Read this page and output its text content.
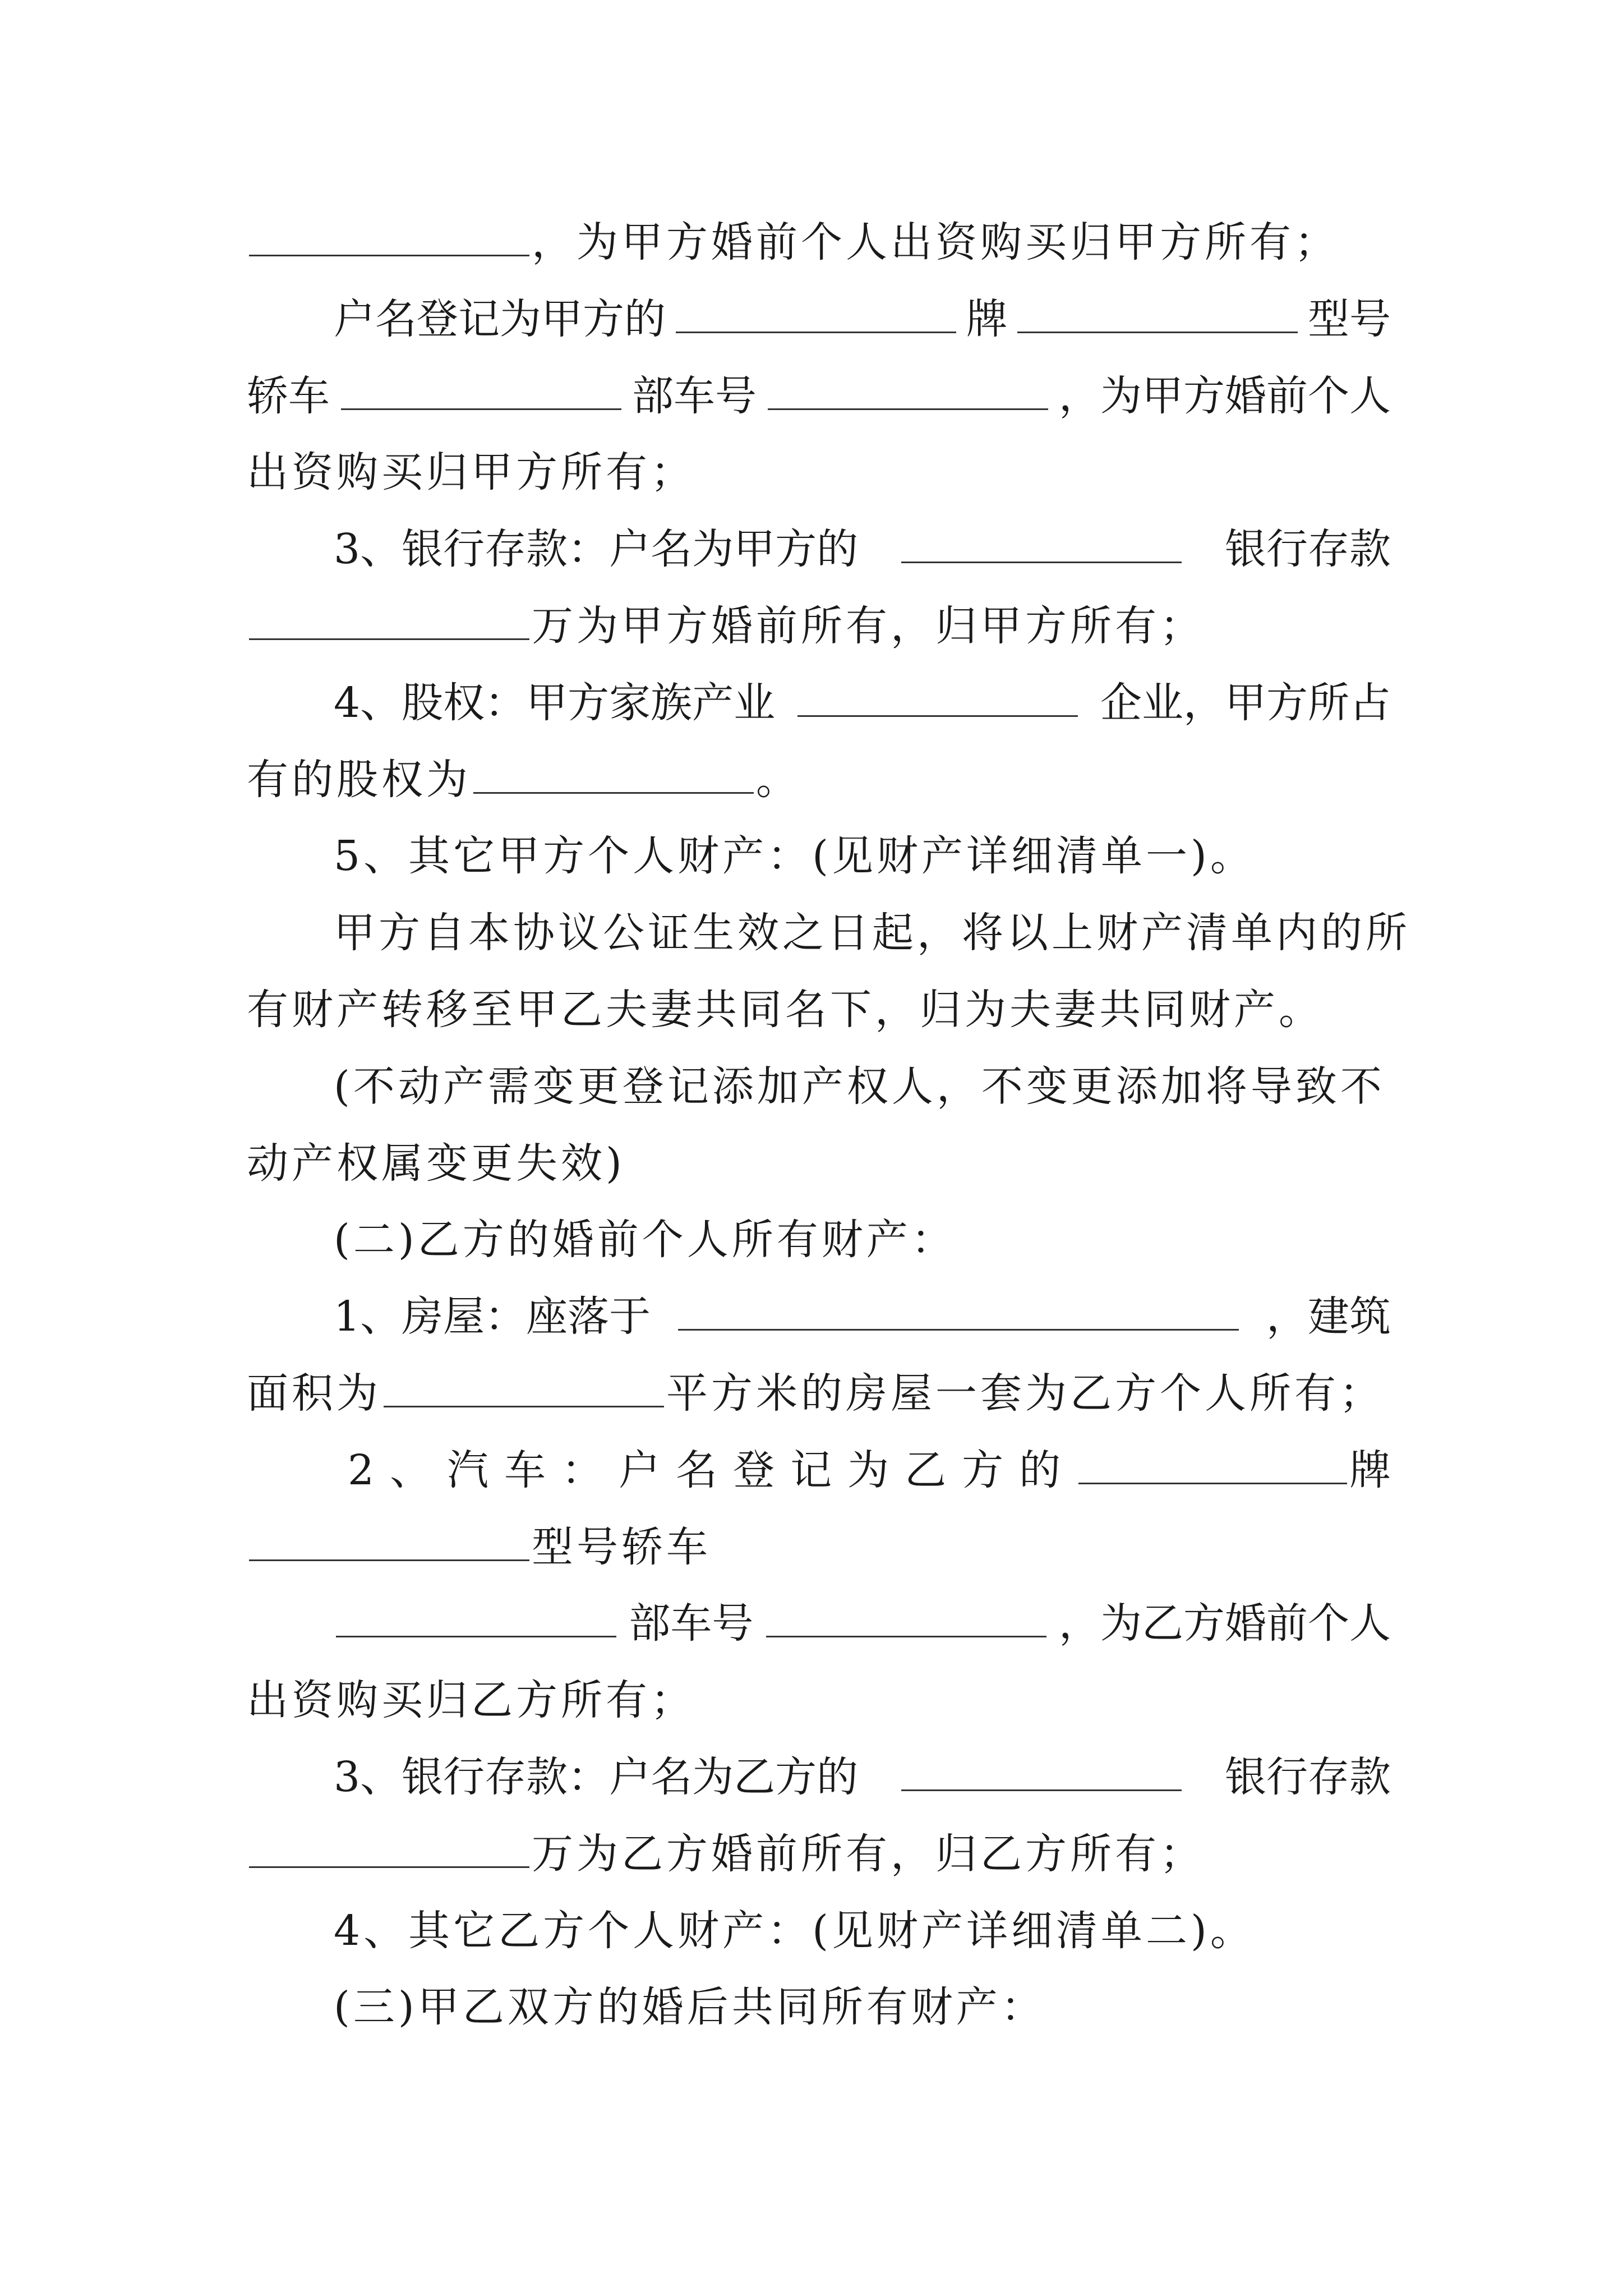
，为甲方婚前个人出资购买归甲方所有；
户名登记为甲方的	牌	型号
轿车	部车号	，为甲方婚前个人
出资购买归甲方所有；
3、银行存款：户名为甲方的	银行存款
万为甲方婚前所有，归甲方所有；
4、股权：甲方家族产业	企业，甲方所占
有的股权为	。
5、其它甲方个人财产：(见财产详细清单一)。
甲方自本协议公证生效之日起，将以上财产清单内的所
有财产转移至甲乙夫妻共同名下，归为夫妻共同财产。
(不动产需变更登记添加产权人，不变更添加将导致不
动产权属变更失效)
(二)乙方的婚前个人所有财产：
1、房屋：座落于	，建筑
面积为	平方米的房屋一套为乙方个人所有；
2、汽车：户名登记为乙方的	牌
型号轿车
部车号	，为乙方婚前个人
出资购买归乙方所有；
3、银行存款：户名为乙方的	银行存款
万为乙方婚前所有，归乙方所有；
4、其它乙方个人财产：(见财产详细清单二)。
(三)甲乙双方的婚后共同所有财产：
